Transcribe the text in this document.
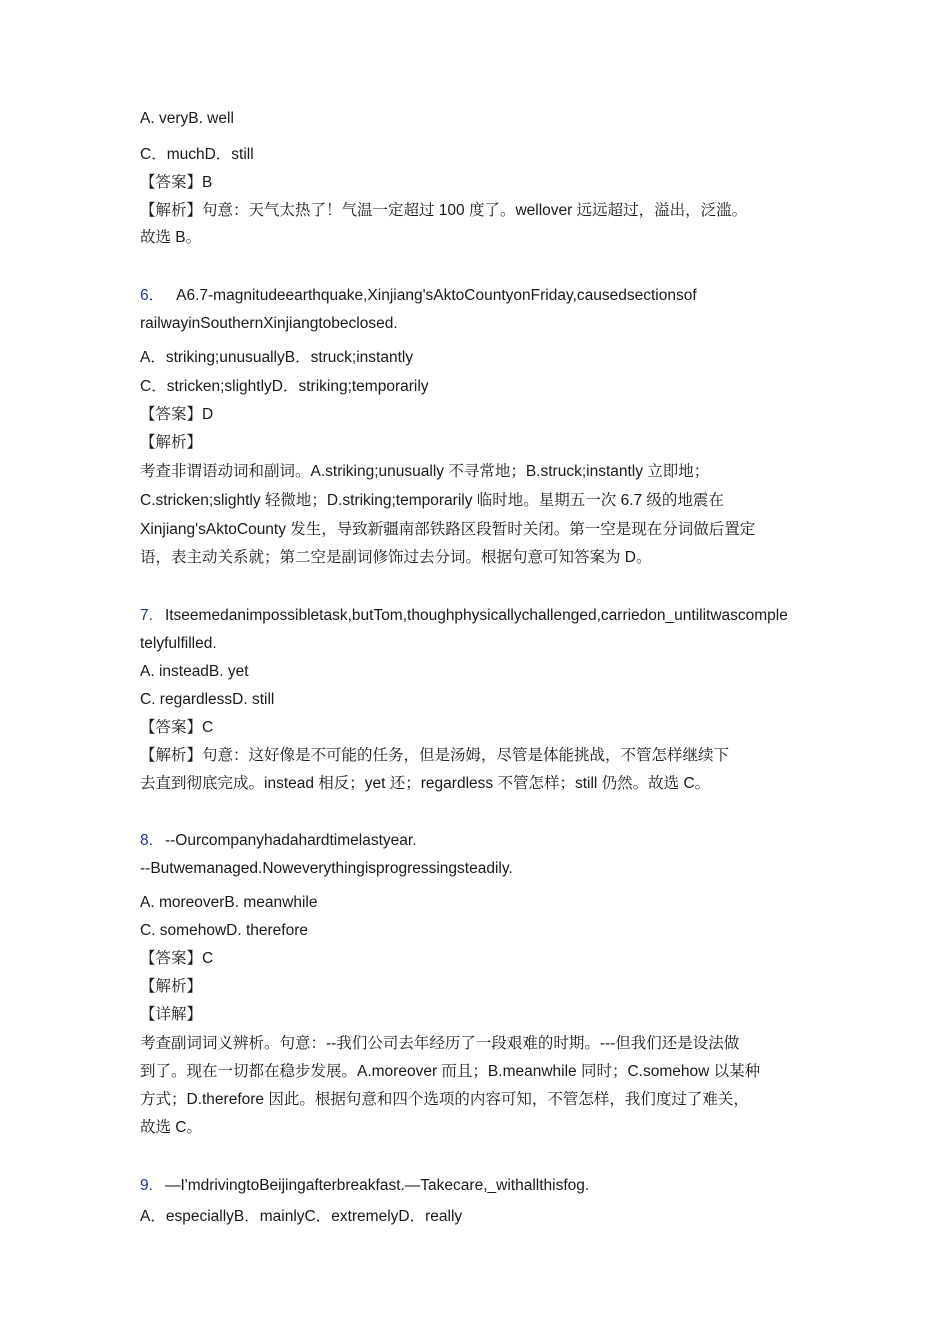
A. veryB. well
C．muchD．still
【答案】B
【解析】句意：天气太热了！气温一定超过 100 度了。wellover 远远超过，溢出，泛滥。
故选 B。
6． A6.7-magnitudeearthquake,Xinjiang'sAktoCountyonFriday,causedsectionsof
railwayinSouthernXinjiangtobeclosed.
A．striking;unusuallyB．struck;instantly
C．stricken;slightlyD．striking;temporarily
【答案】D
【解析】
考查非谓语动词和副词。A.striking;unusually 不寻常地；B.struck;instantly 立即地；
C.stricken;slightly 轻微地；D.striking;temporarily 临时地。星期五一次 6.7 级的地震在
Xinjiang'sAktoCounty 发生，导致新疆南部铁路区段暂时关闭。第一空是现在分词做后置定
语，表主动关系就；第二空是副词修饰过去分词。根据句意可知答案为 D。
7. Itseemedanimpossibletask,butTom,thoughphysicallychallenged,carriedon_untilitwascomple
telyfulfilled.
A. insteadB. yet
C. regardlessD. still
【答案】C
【解析】句意：这好像是不可能的任务，但是汤姆，尽管是体能挑战，不管怎样继续下
去直到彻底完成。instead 相反；yet 还；regardless 不管怎样；still 仍然。故选 C。
8. --Ourcompanyhadahardtimelastyear.
--Butwemanaged.Noweverythingisprogressingsteadily.
A. moreoverB. meanwhile
C. somehowD. therefore
【答案】C
【解析】
【详解】
考查副词词义辨析。句意：--我们公司去年经历了一段艰难的时期。---但我们还是设法做
到了。现在一切都在稳步发展。A.moreover 而且；B.meanwhile 同时；C.somehow 以某种
方式；D.therefore 因此。根据句意和四个选项的内容可知，不管怎样，我们度过了难关，
故选 C。
9. —I'mdrivingtoBeijingafterbreakfast.—Takecare,_withallthisfog.
A．especiallyB．mainlyC．extremelyD．really
